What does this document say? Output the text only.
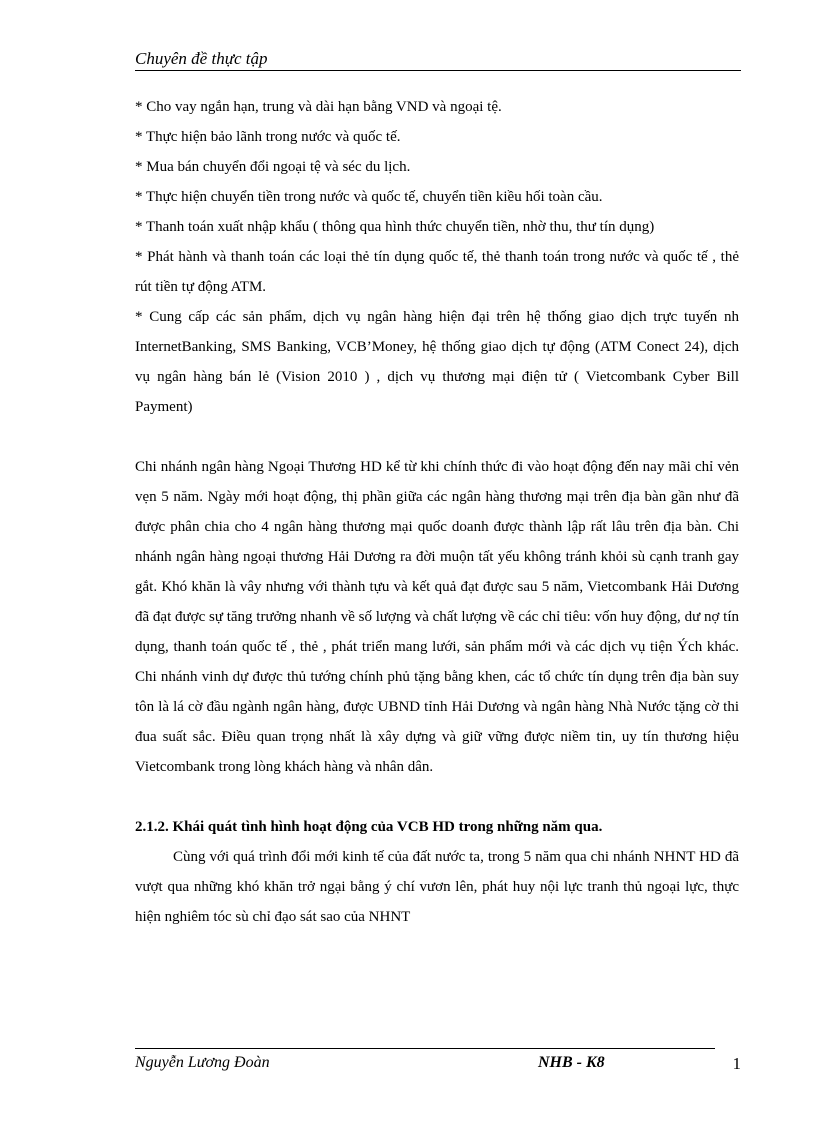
Chuyên đề thực tập

* Cho vay ngắn hạn, trung và dài hạn bằng VND và ngoại tệ.

* Thực hiện bảo lãnh trong nước và quốc tế.

* Mua bán chuyển đổi ngoại tệ và séc du lịch.

* Thực hiện chuyển tiền trong nước và quốc tế, chuyển tiền kiều hối toàn cầu.

* Thanh toán xuất nhập khẩu ( thông qua hình thức chuyển tiền, nhờ thu, thư tín dụng)

* Phát hành và thanh toán các loại thẻ tín dụng quốc tế, thẻ thanh toán trong nước và quốc tế , thẻ rút tiền tự động ATM.

* Cung cấp các sản phẩm, dịch vụ ngân hàng hiện đại trên hệ thống giao dịch trực tuyến nh InternetBanking, SMS Banking, VCB’Money, hệ thống giao dịch tự động (ATM Conect 24), dịch vụ ngân hàng bán lẻ (Vision 2010 ) , dịch vụ thương mại điện tử ( Vietcombank Cyber Bill Payment)

Chi nhánh ngân hàng Ngoại Thương HD kể từ khi chính thức đi vào hoạt động đến nay mãi chỉ vẻn vẹn 5 năm. Ngày mới hoạt động, thị phần giữa các ngân hàng thương mại trên địa bàn gần như đã được phân chia cho 4 ngân hàng thương mại quốc doanh được thành lập rất lâu trên địa bàn. Chi nhánh ngân hàng ngoại thương Hải Dương ra đời muộn tất yếu không tránh khỏi sù cạnh tranh gay gắt. Khó khăn là vây nhưng với thành tựu và kết quả đạt được sau 5 năm, Vietcombank Hải Dương đã đạt được sự tăng trưởng nhanh về số lượng và chất lượng về các chỉ tiêu: vốn huy động, dư nợ tín dụng, thanh toán quốc tế , thẻ , phát triển mang lưới, sản phẩm mới và các dịch vụ tiện Ých khác. Chi nhánh vinh dự được thủ tướng chính phủ tặng bằng khen, các tổ chức tín dụng trên địa bàn suy tôn là lá cờ đầu ngành ngân hàng, được UBND tỉnh Hải Dương và ngân hàng Nhà Nước tặng cờ thi đua suất sắc. Điều quan trọng nhất là xây dựng và giữ vững được niềm tin, uy tín thương hiệu Vietcombank trong lòng khách hàng và nhân dân.

2.1.2. Khái quát tình hình hoạt động của VCB HD trong những năm qua.

Cùng với quá trình đổi mới kinh tế của đất nước ta, trong 5 năm qua chi nhánh NHNT HD đã vượt qua những khó khăn trở ngại bằng ý chí vươn lên, phát huy nội lực tranh thủ ngoại lực, thực hiện nghiêm tóc sù chỉ đạo sát sao của NHNT

Nguyễn Lương Đoàn	NHB - K8	1
